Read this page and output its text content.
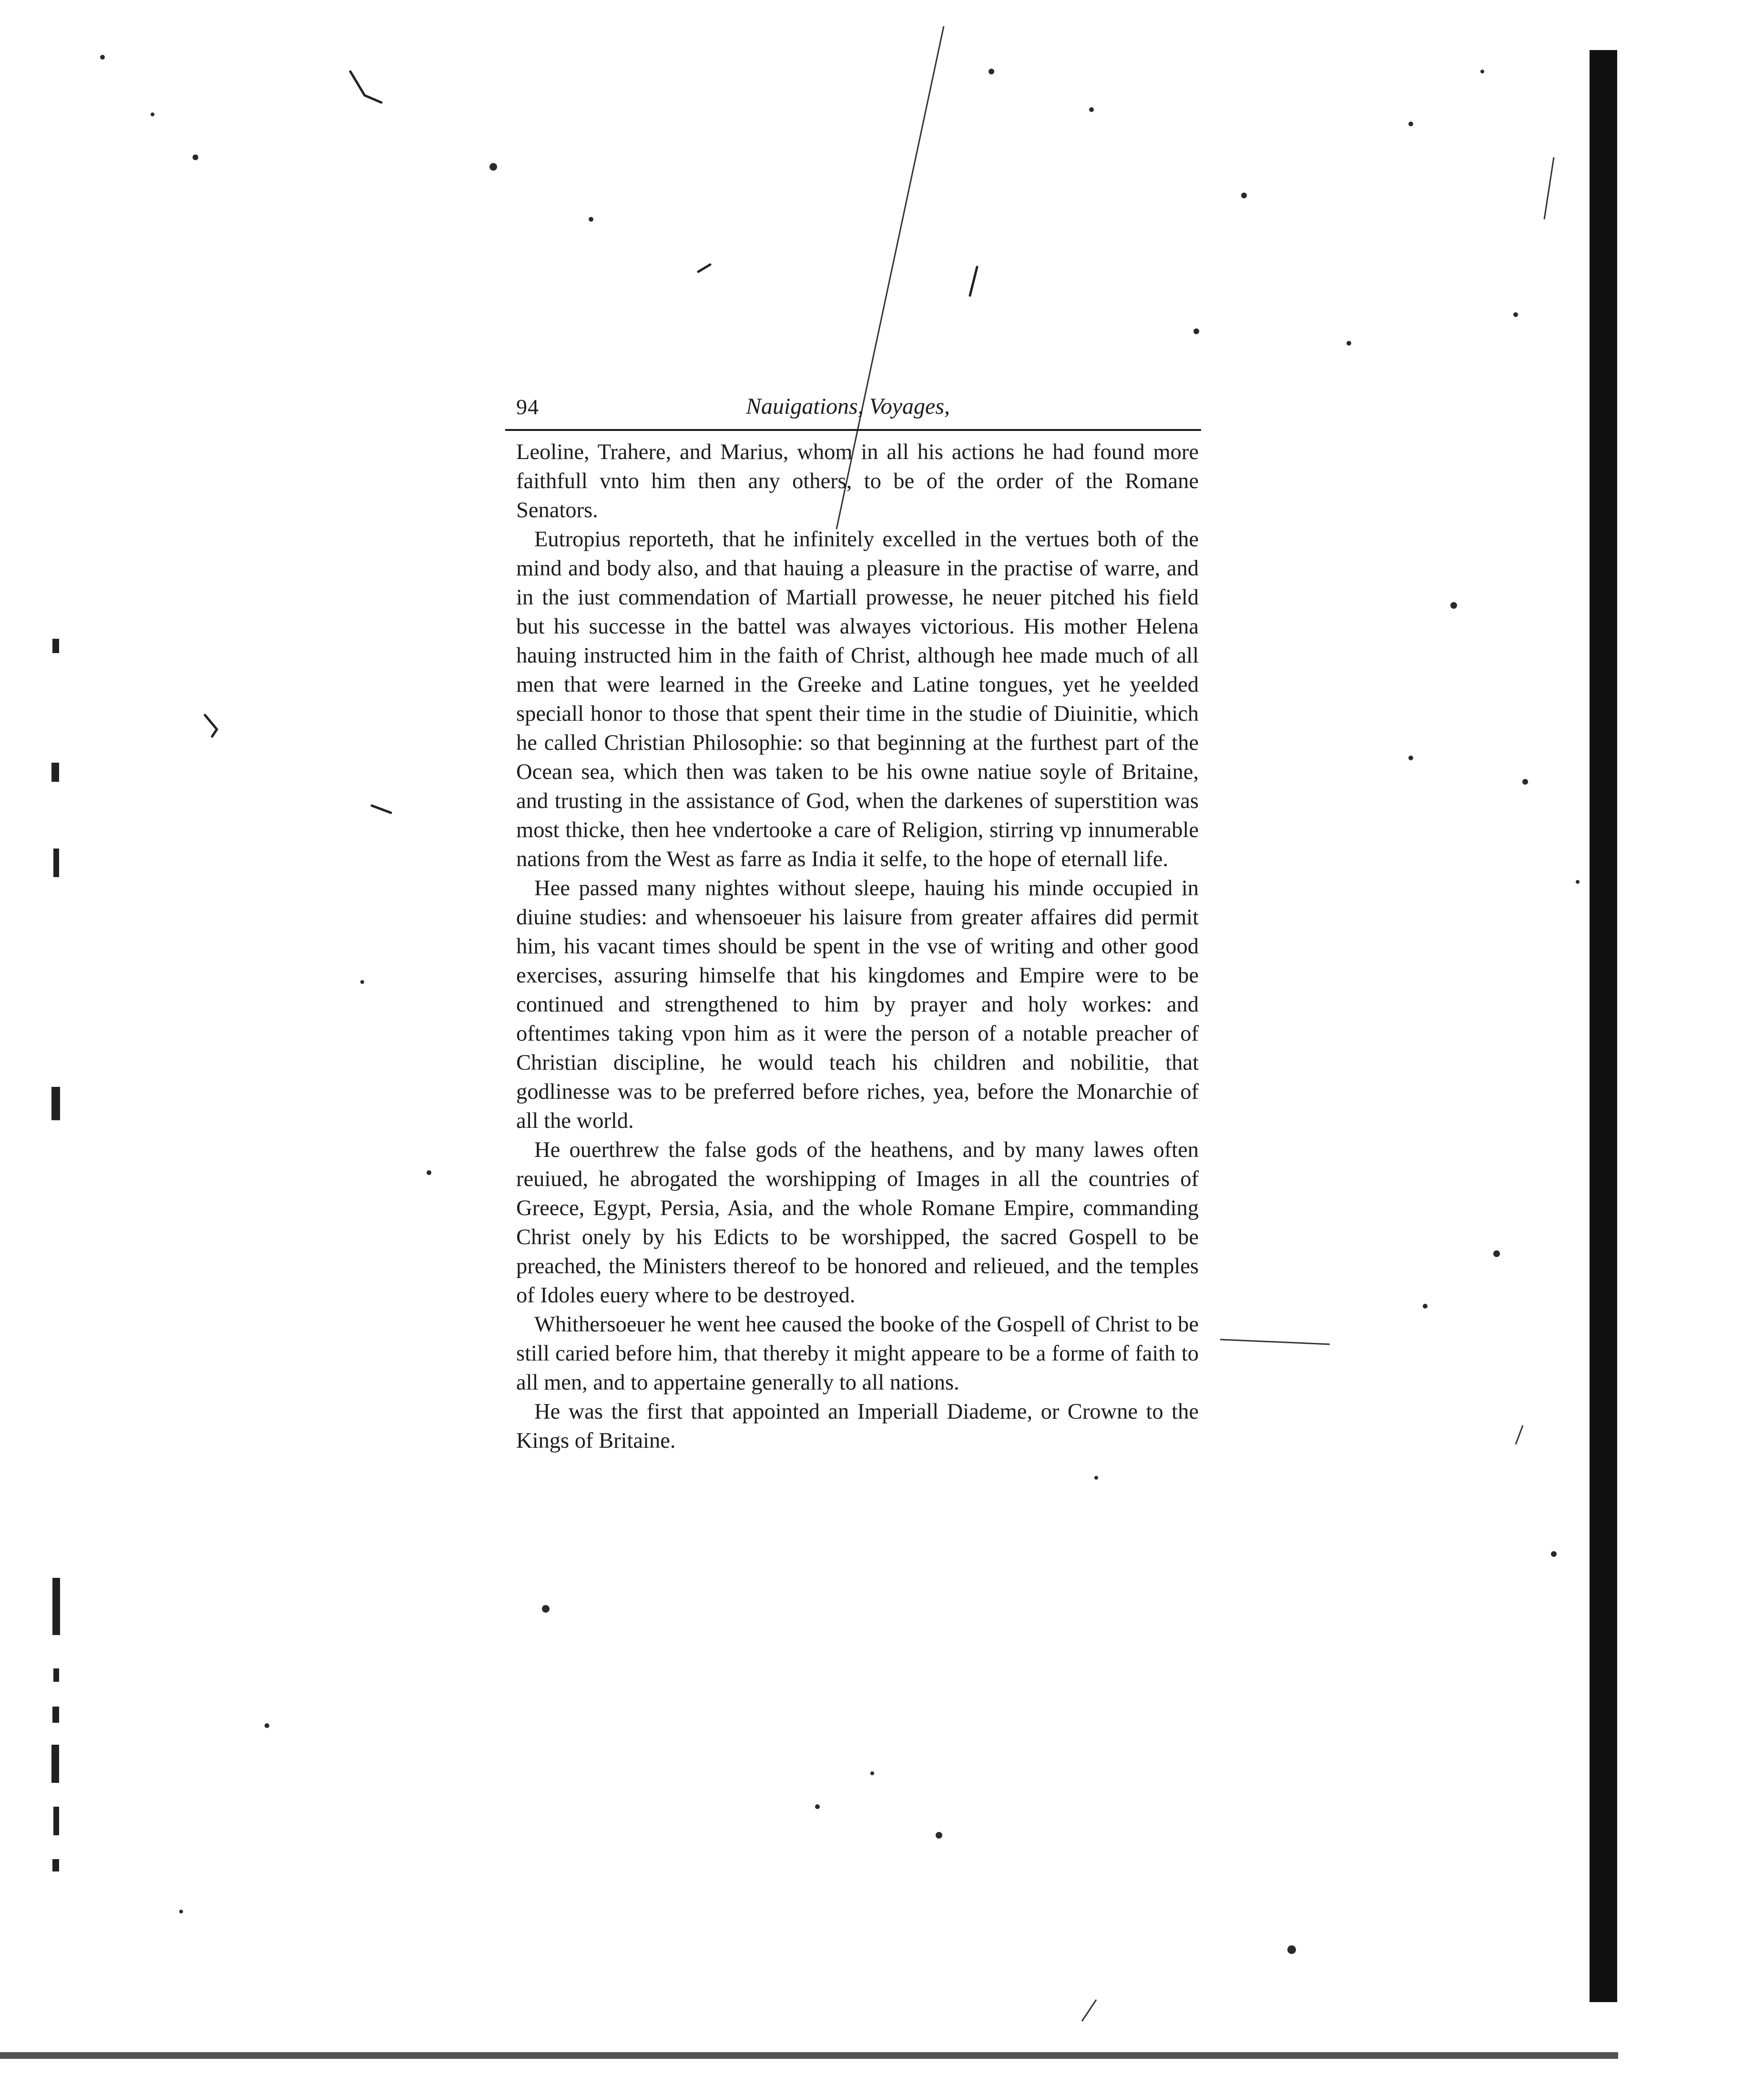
94	Nauigations, Voyages,

Leoline, Trahere, and Marius, whom in all his actions he had found more faithfull vnto him then any others, to be of the order of the Romane Senators.

Eutropius reporteth, that he infinitely excelled in the vertues both of the mind and body also, and that hauing a pleasure in the practise of warre, and in the iust commendation of Martiall prowesse, he neuer pitched his field but his successe in the battel was alwayes victorious. His mother Helena hauing instructed him in the faith of Christ, although hee made much of all men that were learned in the Greeke and Latine tongues, yet he yeelded speciall honor to those that spent their time in the studie of Diuinitie, which he called Christian Philosophie: so that beginning at the furthest part of the Ocean sea, which then was taken to be his owne natiue soyle of Britaine, and trusting in the assistance of God, when the darkenes of superstition was most thicke, then hee vndertooke a care of Religion, stirring vp innumerable nations from the West as farre as India it selfe, to the hope of eternall life.

Hee passed many nightes without sleepe, hauing his minde occupied in diuine studies: and whensoeuer his laisure from greater affaires did permit him, his vacant times should be spent in the vse of writing and other good exercises, assuring himselfe that his kingdomes and Empire were to be continued and strengthened to him by prayer and holy workes: and oftentimes taking vpon him as it were the person of a notable preacher of Christian discipline, he would teach his children and nobilitie, that godlinesse was to be preferred before riches, yea, before the Monarchie of all the world.

He ouerthrew the false gods of the heathens, and by many lawes often reuiued, he abrogated the worshipping of Images in all the countries of Greece, Egypt, Persia, Asia, and the whole Romane Empire, commanding Christ onely by his Edicts to be worshipped, the sacred Gospell to be preached, the Ministers thereof to be honored and relieued, and the temples of Idoles euery where to be destroyed.

Whithersoeuer he went hee caused the booke of the Gospell of Christ to be still caried before him, that thereby it might appeare to be a forme of faith to all men, and to appertaine generally to all nations.

He was the first that appointed an Imperiall Diademe, or Crowne to the Kings of Britaine.
